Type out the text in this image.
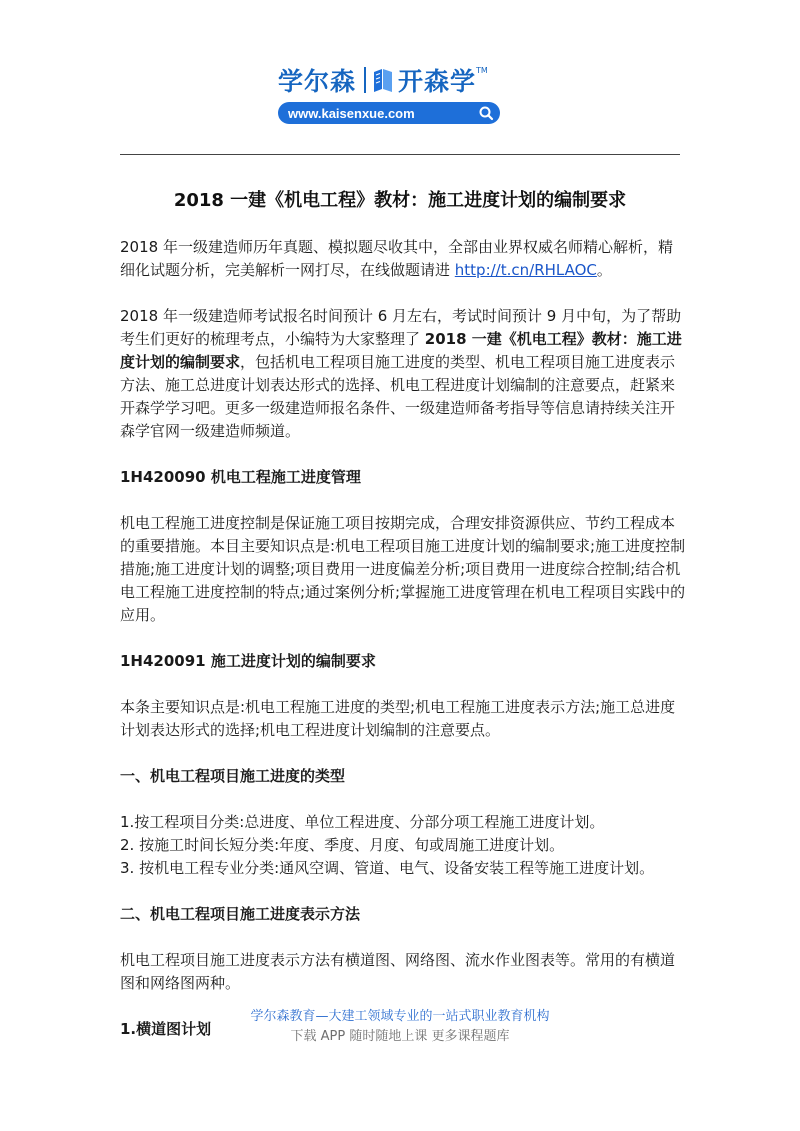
学尔森 开森学 TM
www.kaisenxue.com
2018 一建《机电工程》教材：施工进度计划的编制要求

2018 年一级建造师历年真题、模拟题尽收其中，全部由业界权威名师精心解析，精细化试题分析，完美解析一网打尽，在线做题请进 http://t.cn/RHLAOC。

2018 年一级建造师考试报名时间预计 6 月左右，考试时间预计 9 月中旬，为了帮助考生们更好的梳理考点，小编特为大家整理了 2018 一建《机电工程》教材：施工进度计划的编制要求，包括机电工程项目施工进度的类型、机电工程项目施工进度表示方法、施工总进度计划表达形式的选择、机电工程进度计划编制的注意要点，赶紧来开森学学习吧。更多一级建造师报名条件、一级建造师备考指导等信息请持续关注开森学官网一级建造师频道。

1H420090 机电工程施工进度管理

机电工程施工进度控制是保证施工项目按期完成，合理安排资源供应、节约工程成本的重要措施。本目主要知识点是:机电工程项目施工进度计划的编制要求;施工进度控制措施;施工进度计划的调整;项目费用一进度偏差分析;项目费用一进度综合控制;结合机电工程施工进度控制的特点;通过案例分析;掌握施工进度管理在机电工程项目实践中的应用。

1H420091 施工进度计划的编制要求

本条主要知识点是:机电工程施工进度的类型;机电工程施工进度表示方法;施工总进度计划表达形式的选择;机电工程进度计划编制的注意要点。

一、机电工程项目施工进度的类型

1.按工程项目分类:总进度、单位工程进度、分部分项工程施工进度计划。

2. 按施工时间长短分类:年度、季度、月度、旬或周施工进度计划。

3. 按机电工程专业分类:通风空调、管道、电气、设备安装工程等施工进度计划。

二、机电工程项目施工进度表示方法

机电工程项目施工进度表示方法有横道图、网络图、流水作业图表等。常用的有横道图和网络图两种。

1.横道图计划

学尔森教育—大建工领域专业的一站式职业教育机构
下载 APP 随时随地上课 更多课程题库
